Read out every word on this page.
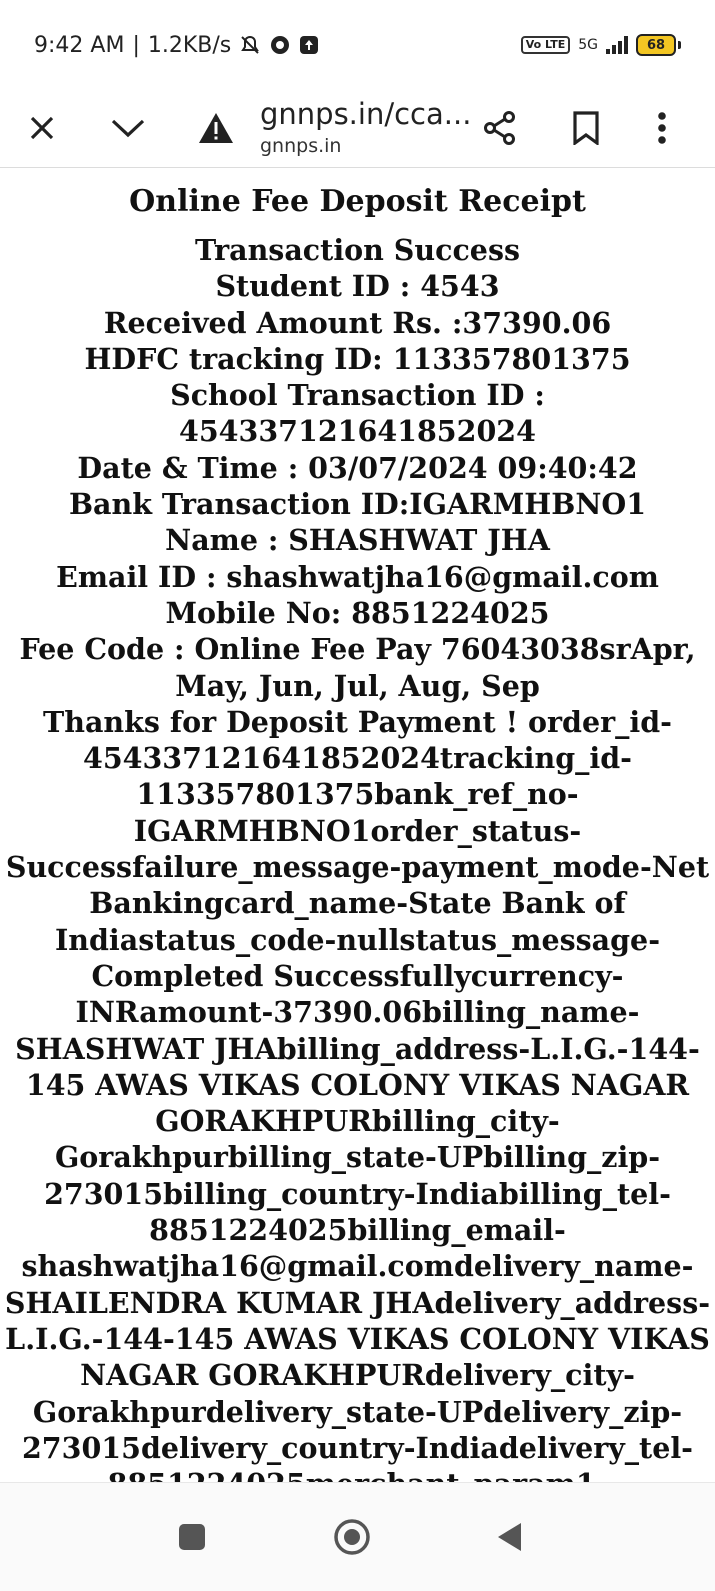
9:42 AM | 1.2KB/s	Vo LTE 5G	68
gnnps.in/cca...
gnnps.in
Online Fee Deposit Receipt

Transaction Success

Student ID : 4543

Received Amount Rs. :37390.06

HDFC tracking ID: 113357801375

School Transaction ID : 454337121641852024

Date & Time : 03/07/2024 09:40:42

Bank Transaction ID:IGARMHBNO1

Name : SHASHWAT JHA

Email ID : shashwatjha16@gmail.com

Mobile No: 8851224025

Fee Code : Online Fee Pay 76043038srApr, May, Jun, Jul, Aug, Sep

Thanks for Deposit Payment ! order_id-
454337121641852024tracking_id-
113357801375bank_ref_no-
IGARMHBNO1order_status-
Successfailure_message-payment_mode-Net
Bankingcard_name-State Bank of
Indiastatus_code-nullstatus_message-
Completed Successfullycurrency-
INRamount-37390.06billing_name-
SHASHWAT JHAbilling_address-L.I.G.-144-
145 AWAS VIKAS COLONY VIKAS NAGAR
GORAKHPURbilling_city-
Gorakhpurbilling_state-UPbilling_zip-
273015billing_country-Indiabilling_tel-
8851224025billing_email-
shashwatjha16@gmail.comdelivery_name-
SHAILENDRA KUMAR JHAdelivery_address-
L.I.G.-144-145 AWAS VIKAS COLONY VIKAS
NAGAR GORAKHPURdelivery_city-
Gorakhpurdelivery_state-UPdelivery_zip-
273015delivery_country-Indiadelivery_tel-
